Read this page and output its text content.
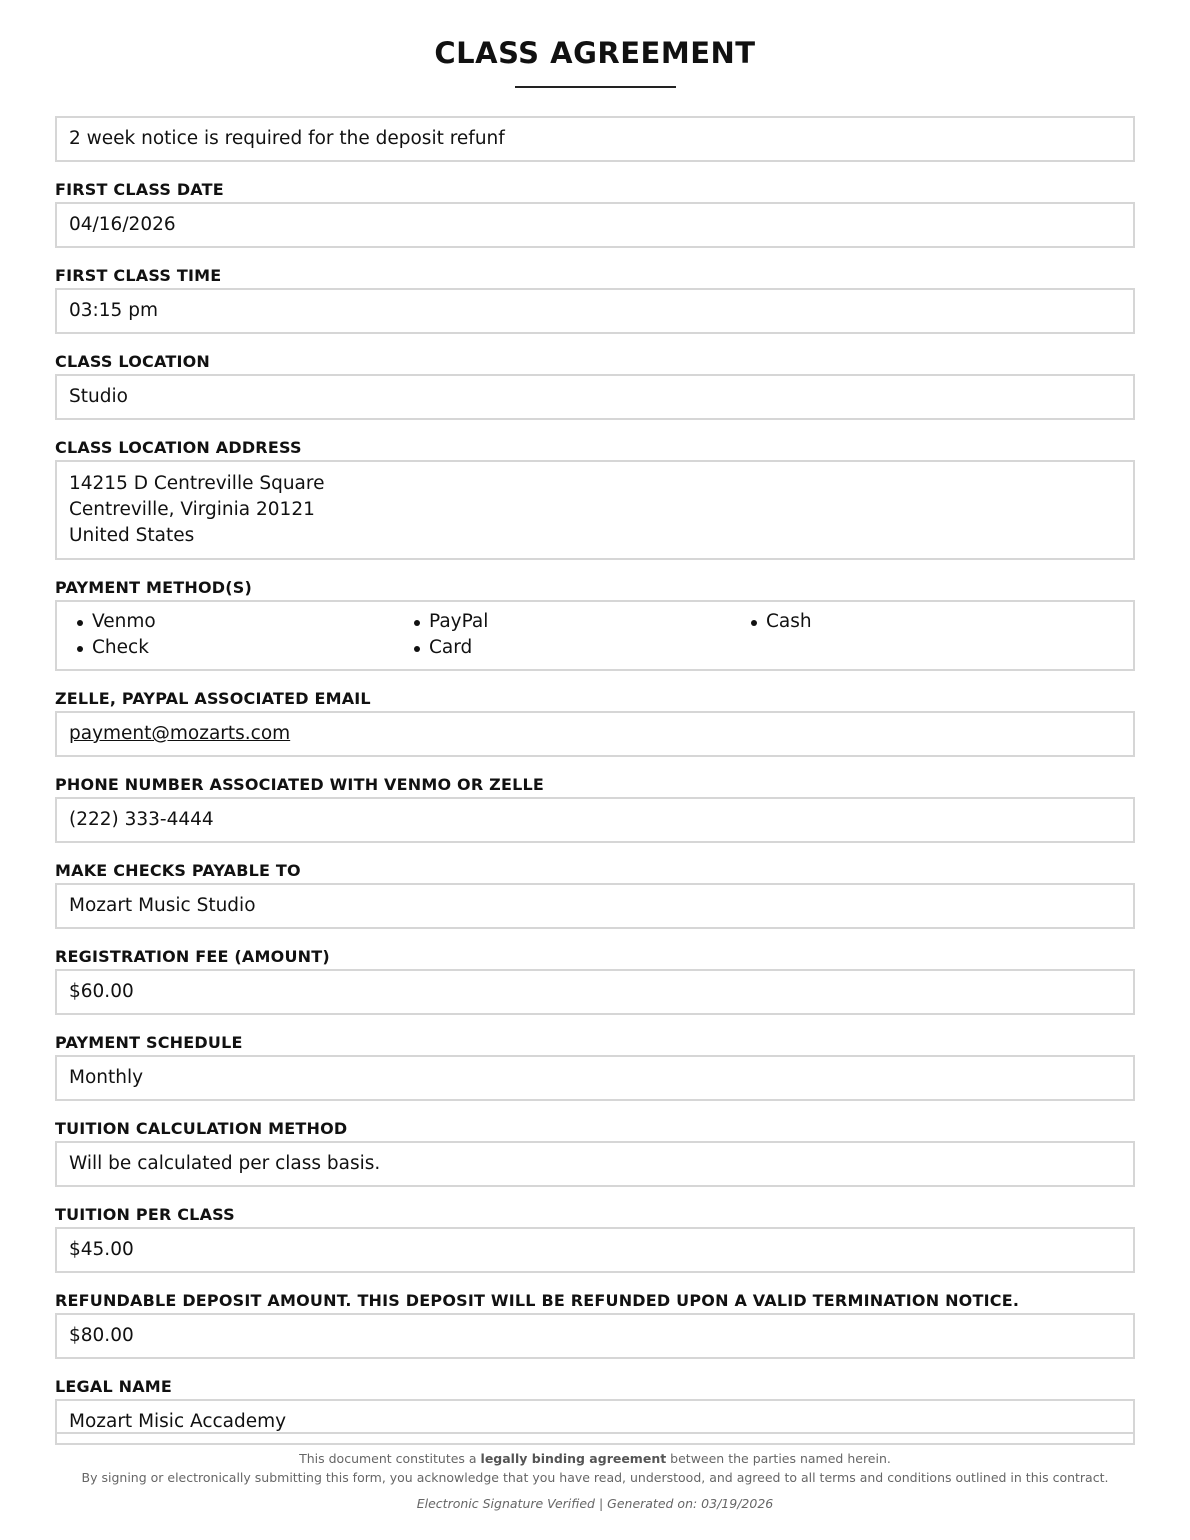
CLASS AGREEMENT
2 week notice is required for the deposit refunf
FIRST CLASS DATE
04/16/2026
FIRST CLASS TIME
03:15 pm
CLASS LOCATION
Studio
CLASS LOCATION ADDRESS
14215 D Centreville Square
Centreville, Virginia 20121
United States
PAYMENT METHOD(S)
Venmo	PayPal	Cash
Check	Card
ZELLE, PAYPAL ASSOCIATED EMAIL
payment@mozarts.com
PHONE NUMBER ASSOCIATED WITH VENMO OR ZELLE
(222) 333-4444
MAKE CHECKS PAYABLE TO
Mozart Music Studio
REGISTRATION FEE (AMOUNT)
$60.00
PAYMENT SCHEDULE
Monthly
TUITION CALCULATION METHOD
Will be calculated per class basis.
TUITION PER CLASS
$45.00
REFUNDABLE DEPOSIT AMOUNT. THIS DEPOSIT WILL BE REFUNDED UPON A VALID TERMINATION NOTICE.
$80.00
LEGAL NAME
Mozart Misic Accademy
This document constitutes a legally binding agreement between the parties named herein.
By signing or electronically submitting this form, you acknowledge that you have read, understood, and agreed to all terms and conditions outlined in this contract.
Electronic Signature Verified | Generated on: 03/19/2026
